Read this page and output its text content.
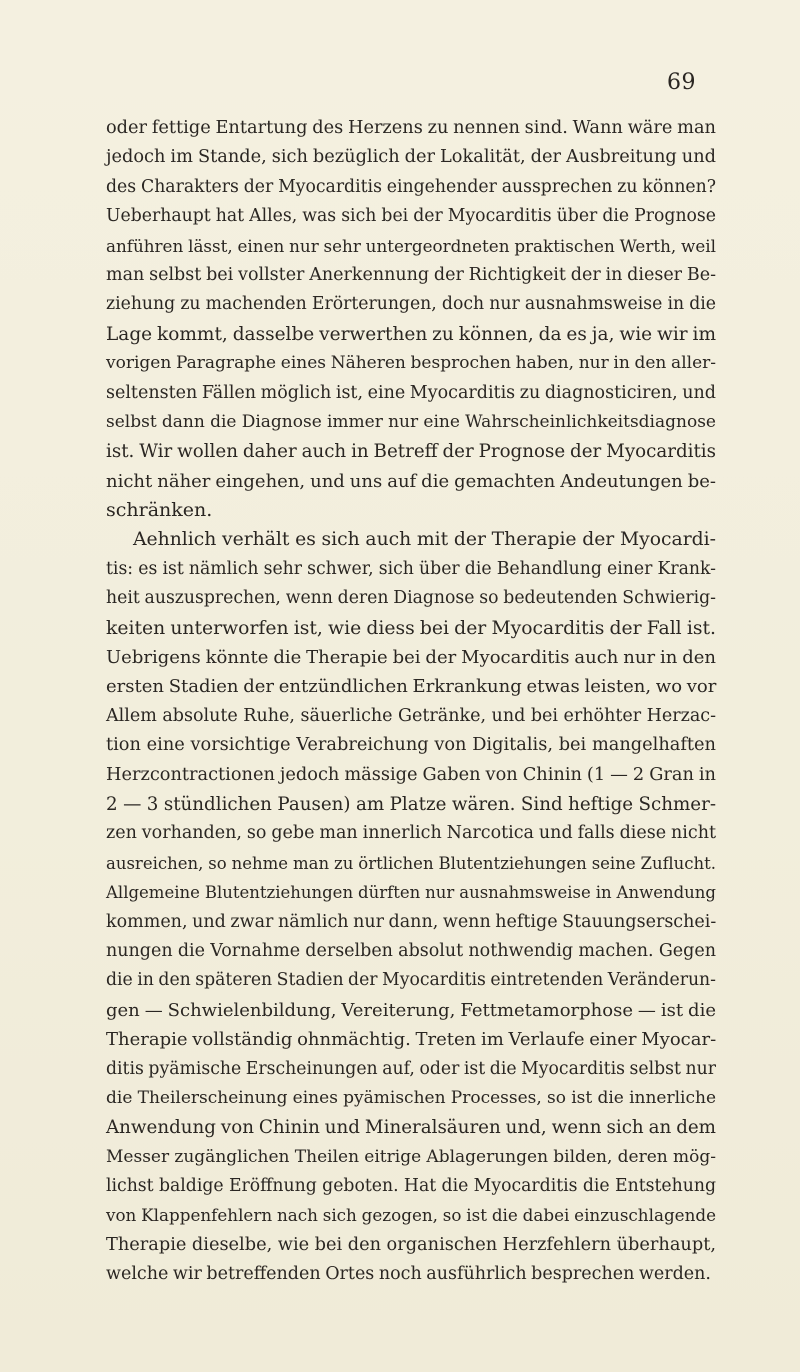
69
oder fettige Entartung des Herzens zu nennen sind. Wann wäre man
jedoch im Stande, sich bezüglich der Lokalität, der Ausbreitung und
des Charakters der Myocarditis eingehender aussprechen zu können?
Ueberhaupt hat Alles, was sich bei der Myocarditis über die Prognose
anführen lässt, einen nur sehr untergeordneten praktischen Werth, weil
man selbst bei vollster Anerkennung der Richtigkeit der in dieser Be-
ziehung zu machenden Erörterungen, doch nur ausnahmsweise in die
Lage kommt, dasselbe verwerthen zu können, da es ja, wie wir im
vorigen Paragraphe eines Näheren besprochen haben, nur in den aller-
seltensten Fällen möglich ist, eine Myocarditis zu diagnosticiren, und
selbst dann die Diagnose immer nur eine Wahrscheinlichkeitsdiagnose
ist. Wir wollen daher auch in Betreff der Prognose der Myocarditis
nicht näher eingehen, und uns auf die gemachten Andeutungen be-
schränken.
Aehnlich verhält es sich auch mit der Therapie der Myocardi-
tis: es ist nämlich sehr schwer, sich über die Behandlung einer Krank-
heit auszusprechen, wenn deren Diagnose so bedeutenden Schwierig-
keiten unterworfen ist, wie diess bei der Myocarditis der Fall ist.
Uebrigens könnte die Therapie bei der Myocarditis auch nur in den
ersten Stadien der entzündlichen Erkrankung etwas leisten, wo vor
Allem absolute Ruhe, säuerliche Getränke, und bei erhöhter Herzac-
tion eine vorsichtige Verabreichung von Digitalis, bei mangelhaften
Herzcontractionen jedoch mässige Gaben von Chinin (1 — 2 Gran in
2 — 3 stündlichen Pausen) am Platze wären. Sind heftige Schmer-
zen vorhanden, so gebe man innerlich Narcotica und falls diese nicht
ausreichen, so nehme man zu örtlichen Blutentziehungen seine Zuflucht.
Allgemeine Blutentziehungen dürften nur ausnahmsweise in Anwendung
kommen, und zwar nämlich nur dann, wenn heftige Stauungserschei-
nungen die Vornahme derselben absolut nothwendig machen. Gegen
die in den späteren Stadien der Myocarditis eintretenden Veränderun-
gen — Schwielenbildung, Vereiterung, Fettmetamorphose — ist die
Therapie vollständig ohnmächtig. Treten im Verlaufe einer Myocar-
ditis pyämische Erscheinungen auf, oder ist die Myocarditis selbst nur
die Theilerscheinung eines pyämischen Processes, so ist die innerliche
Anwendung von Chinin und Mineralsäuren und, wenn sich an dem
Messer zugänglichen Theilen eitrige Ablagerungen bilden, deren mög-
lichst baldige Eröffnung geboten. Hat die Myocarditis die Entstehung
von Klappenfehlern nach sich gezogen, so ist die dabei einzuschlagende
Therapie dieselbe, wie bei den organischen Herzfehlern überhaupt,
welche wir betreffenden Ortes noch ausführlich besprechen werden.
